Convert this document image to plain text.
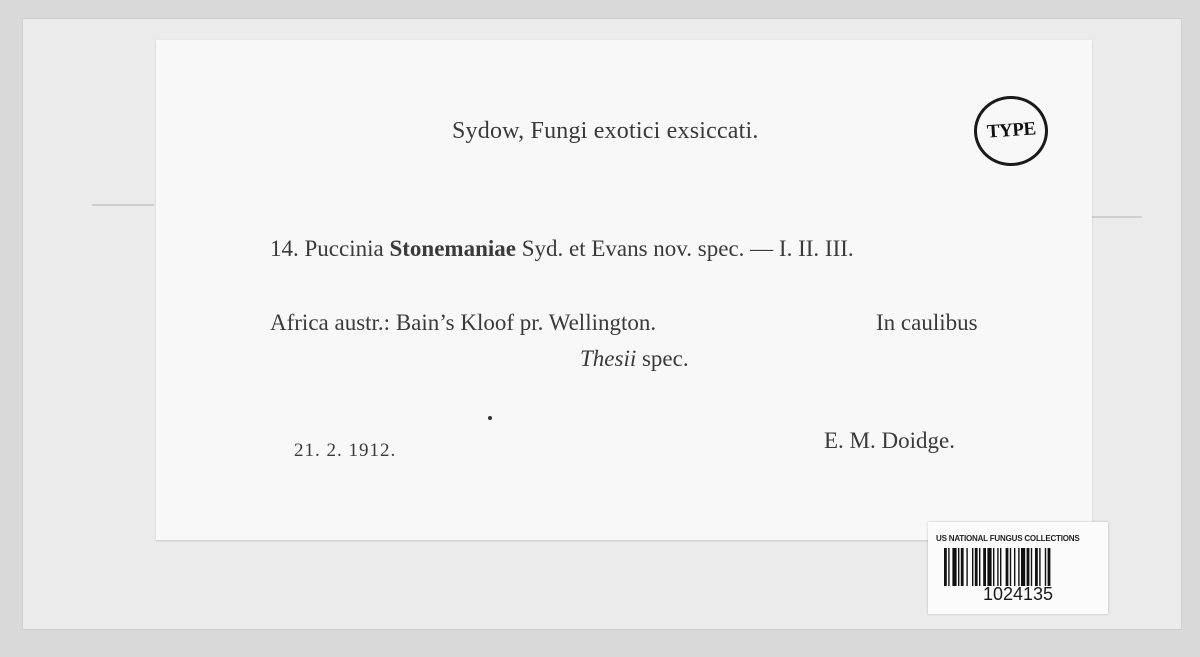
Sydow, Fungi exotici exsiccati.
14. Puccinia Stonemaniae Syd. et Evans nov. spec. — I. II. III.
Africa austr.: Bain’s Kloof pr. Wellington.	In caulibus
Thesii spec.
21. 2. 1912.	E. M. Doidge.
TYPE
US NATIONAL FUNGUS COLLECTIONS
1024135
